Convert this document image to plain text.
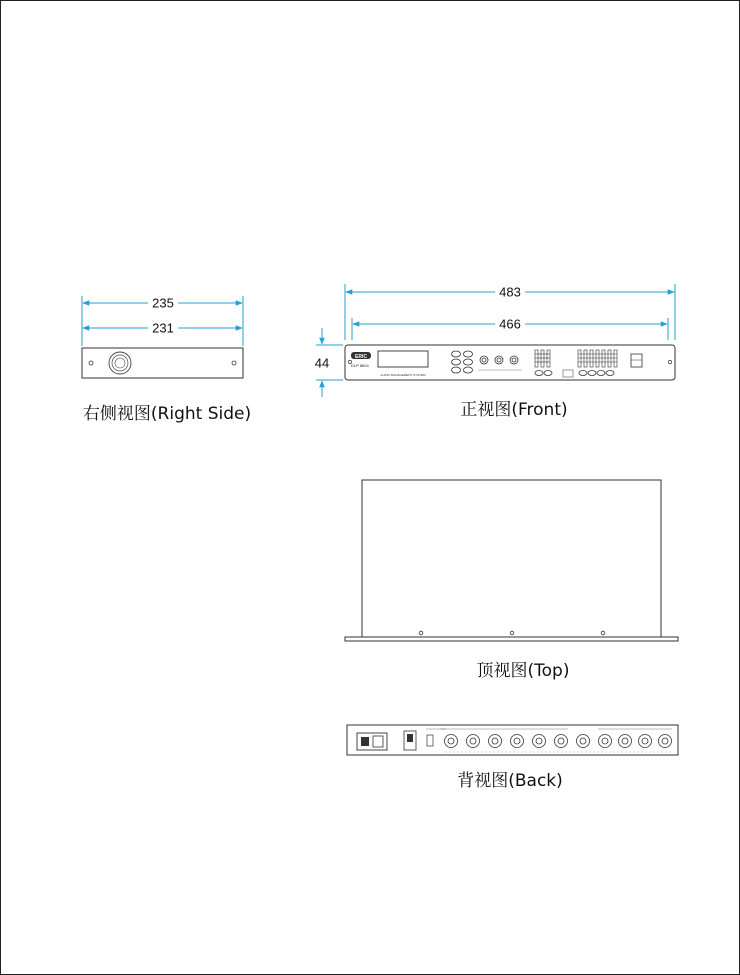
ERIC
DLP 8604
AUDIO MANAGEMENT SYSTEM
235
231
483
466
44
右侧视图(Right Side)	正视图(Front)
顶视图(Top)
背视图(Back)
